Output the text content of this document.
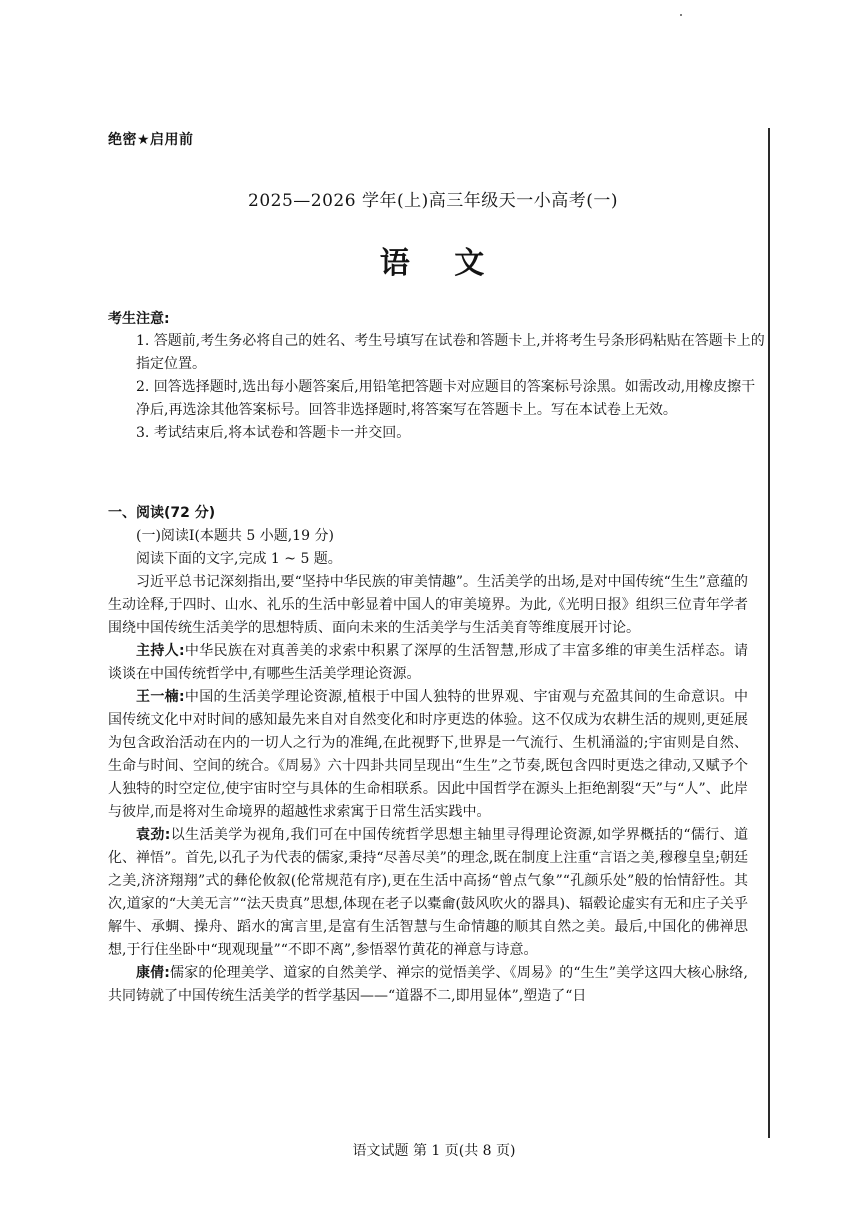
绝密★启用前
2025—2026 学年(上)高三年级天一小高考(一)
语 文
考生注意:
1. 答题前,考生务必将自己的姓名、考生号填写在试卷和答题卡上,并将考生号条形码粘贴在答题卡上的指定位置。
2. 回答选择题时,选出每小题答案后,用铅笔把答题卡对应题目的答案标号涂黑。如需改动,用橡皮擦干净后,再选涂其他答案标号。回答非选择题时,将答案写在答题卡上。写在本试卷上无效。
3. 考试结束后,将本试卷和答题卡一并交回。

一、阅读(72 分)

(一)阅读Ⅰ(本题共 5 小题,19 分)

阅读下面的文字,完成 1 ~ 5 题。

习近平总书记深刻指出,要“坚持中华民族的审美情趣”。生活美学的出场,是对中国传统“生生”意蕴的生动诠释,于四时、山水、礼乐的生活中彰显着中国人的审美境界。为此,《光明日报》组织三位青年学者围绕中国传统生活美学的思想特质、面向未来的生活美学与生活美育等维度展开讨论。

主持人:中华民族在对真善美的求索中积累了深厚的生活智慧,形成了丰富多维的审美生活样态。请谈谈在中国传统哲学中,有哪些生活美学理论资源。

王一楠:中国的生活美学理论资源,植根于中国人独特的世界观、宇宙观与充盈其间的生命意识。中国传统文化中对时间的感知最先来自对自然变化和时序更迭的体验。这不仅成为农耕生活的规则,更延展为包含政治活动在内的一切人之行为的准绳,在此视野下,世界是一气流行、生机涌溢的;宇宙则是自然、生命与时间、空间的统合。《周易》六十四卦共同呈现出“生生”之节奏,既包含四时更迭之律动,又赋予个人独特的时空定位,使宇宙时空与具体的生命相联系。因此中国哲学在源头上拒绝割裂“天”与“人”、此岸与彼岸,而是将对生命境界的超越性求索寓于日常生活实践中。

袁劲:以生活美学为视角,我们可在中国传统哲学思想主轴里寻得理论资源,如学界概括的“儒行、道化、禅悟”。首先,以孔子为代表的儒家,秉持“尽善尽美”的理念,既在制度上注重“言语之美,穆穆皇皇;朝廷之美,济济翔翔”式的彝伦攸叙(伦常规范有序),更在生活中高扬“曾点气象”“孔颜乐处”般的怡情舒性。其次,道家的“大美无言”“法天贵真”思想,体现在老子以橐龠(鼓风吹火的器具)、辐毂论虚实有无和庄子关乎解牛、承蜩、操舟、蹈水的寓言里,是富有生活智慧与生命情趣的顺其自然之美。最后,中国化的佛禅思想,于行住坐卧中“现观现量”“不即不离”,参悟翠竹黄花的禅意与诗意。

康倩:儒家的伦理美学、道家的自然美学、禅宗的觉悟美学、《周易》的“生生”美学这四大核心脉络,共同铸就了中国传统生活美学的哲学基因——“道器不二,即用显体”,塑造了“日

语文试题 第 1 页(共 8 页)
